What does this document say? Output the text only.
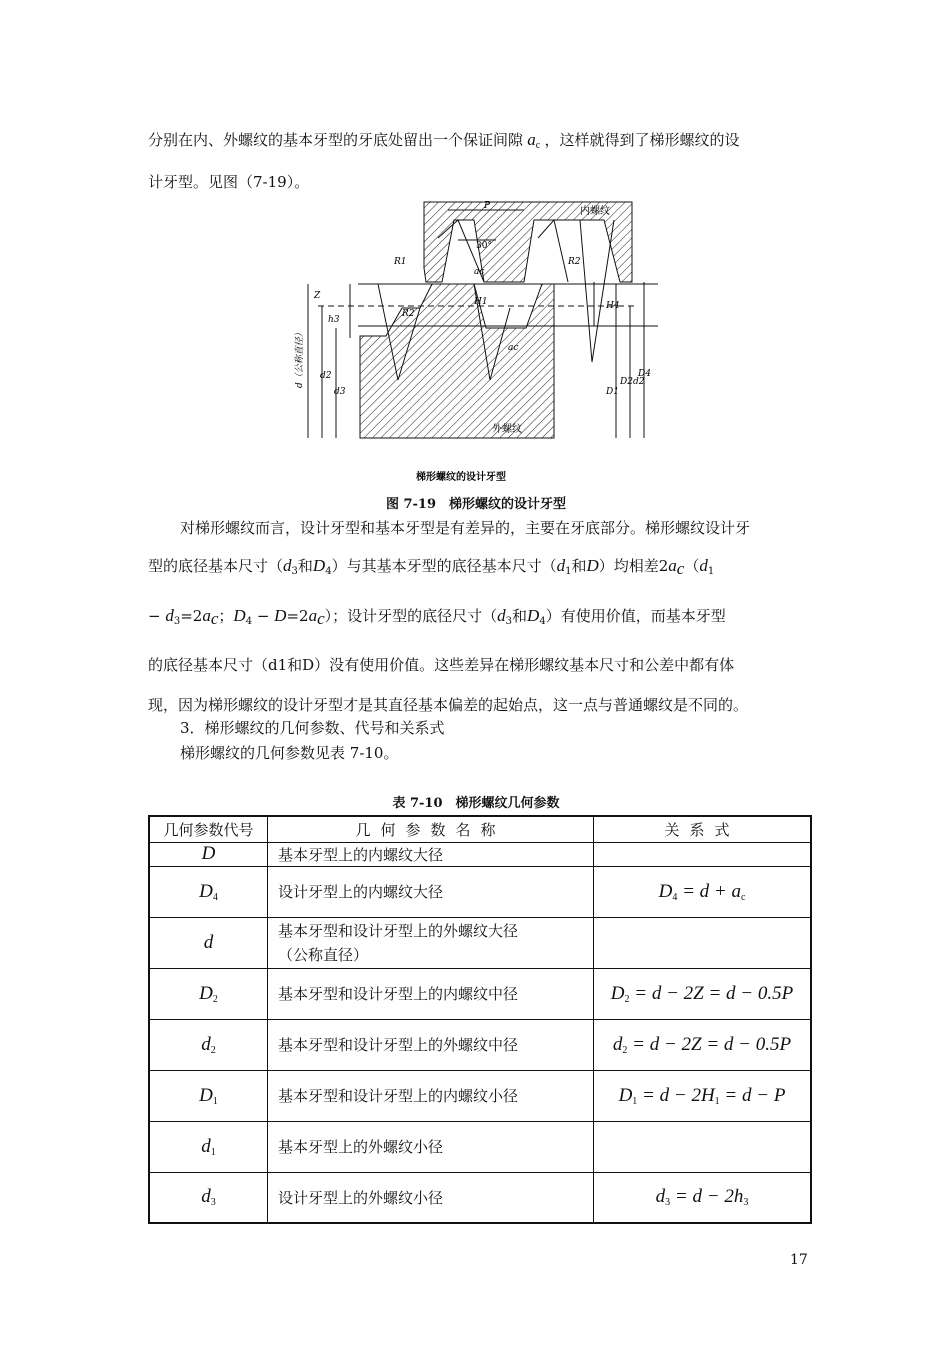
分别在内、外螺纹的基本牙型的牙底处留出一个保证间隙 $a_c$ ，这样就得到了梯形螺纹的设
计牙型。见图（7-19）。
P	内螺纹
30°
R1	R2
R2
Z
h3
ac
H1
ac
H4
d（公称直径） d2
d3	D1
D2d2
D4
外螺纹
梯形螺纹的设计牙型
图 7-19　梯形螺纹的设计牙型
对梯形螺纹而言，设计牙型和基本牙型是有差异的，主要在牙底部分。梯形螺纹设计牙
型的底径基本尺寸（$d_3$和$D_4$）与其基本牙型的底径基本尺寸（$d_1$和D）均相差$2a_c(d_1$
− $d_3=2a_c$；$D_4 - D=2a_c$）；设计牙型的底径尺寸（$d_3$和$D_4$）有使用价值，而基本牙型
的底径基本尺寸（d1和D）没有使用价值。这些差异在梯形螺纹基本尺寸和公差中都有体
现，因为梯形螺纹的设计牙型才是其直径基本偏差的起始点，这一点与普通螺纹是不同的。
3．梯形螺纹的几何参数、代号和关系式
梯形螺纹的几何参数见表 7-10。
表 7-10　梯形螺纹几何参数
几何参数代号	几何参数名称	关系式
D	基本牙型上的内螺纹大径	
$D_4$	设计牙型上的内螺纹大径	$D_4 = d + a_c$
d	基本牙型和设计牙型上的外螺纹大径
（公称直径）	
$D_2$	基本牙型和设计牙型上的内螺纹中径	$D_2 = d - 2Z = d - 0.5P$
$d_2$	基本牙型和设计牙型上的外螺纹中径	$d_2 = d - 2Z = d - 0.5P$
$D_1$	基本牙型和设计牙型上的内螺纹小径	$D_1 = d - 2H_1 = d - P$
$d_1$	基本牙型上的外螺纹小径	
$d_3$	设计牙型上的外螺纹小径	$d_3 = d - 2h_3$
17
